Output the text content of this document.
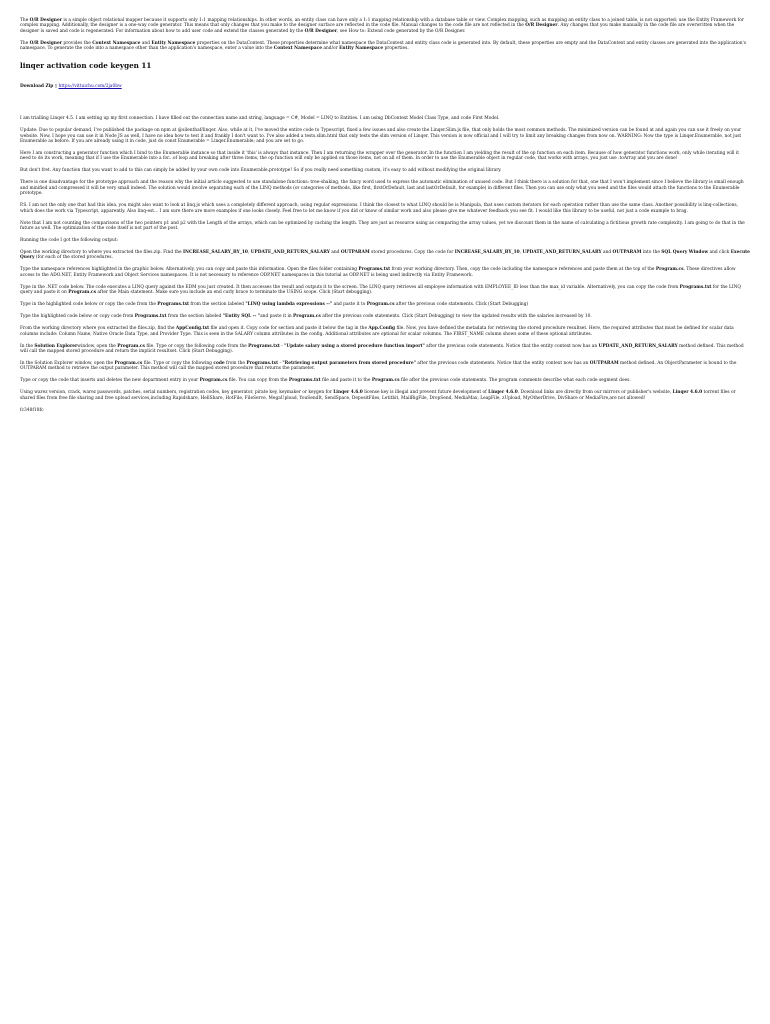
The O/R Designer is a simple object relational mapper because it supports only 1:1 mapping relationships. In other words, an entity class can have only a 1:1 mapping relationship with a database table or view. Complex mapping, such as mapping an entity class to a joined table, is not supported; use the Entity Framework for complex mapping. Additionally, the designer is a one-way code generator. This means that only changes that you make to the designer surface are reflected in the code file. Manual changes to the code file are not reflected in the O/R Designer. Any changes that you make manually in the code file are overwritten when the designer is saved and code is regenerated. For information about how to add user code and extend the classes generated by the O/R Designer, see How to: Extend code generated by the O/R Designer.

The O/R Designer provides the Context Namespace and Entity Namespace properties on the DataContext. These properties determine what namespace the DataContext and entity class code is generated into. By default, these properties are empty and the DataContext and entity classes are generated into the application's namespace. To generate the code into a namespace other than the application's namespace, enter a value into the Context Namespace and/or Entity Namespace properties.

linqer activation code keygen 11

Download Zip ▯ https://vittuichu.com/2ja0bw

I am trialling Linqer 4.5. I am setting up my first connection. I have filled out the connection name and string, language = C#, Model = LINQ to Entities. I am using DbContext Model Class Type, and code First Model.

Update: Due to popular demand, I've published the package on npm at @silenthaf/linqer. Also, while at it, I've moved the entire code to Typescript, fixed a few issues and also create the Linqer.Slim.js file, that only holds the most common methods. The minimized version can be found at and again you can use it freely on your website. Now, I hope you can use it in Node JS as well, I have no idea how to test it and frankly I don't want to. I've also added a tests.slim.html that only tests the slim version of Linqer. This version is now official and I will try to limit any breaking changes from now on. WARNING: Now the type is Linqer.Enumerable, not just Enumerable as before. If you are already using it in code, just do const Enumerable = Linqer.Enumerable; and you are set to go.

Here I am constructing a generator function which I bind to the Enumerable instance so that inside it 'this' is always that instance. Then I am returning the wrapper over the generator. In the function I am yielding the result of the op function on each item. Because of how generator functions work, only while iterating will it need to do its work, meaning that if I use the Enumerable into a for...of loop and breaking after three items, the op function will only be applied on those items, not on all of them. In order to use the Enumerable object in regular code, that works with arrays, you just use .toArray and you are done!

But don't fret. Any function that you want to add to this can simply be added by your own code into Enumerable.prototype! So if you really need something custom, it's easy to add without modifying the original library.

There is one disadvantage for the prototype approach and the reason why the initial article suggested to use standalone functions: tree-shaking, the fancy word used to express the automatic elimination of unused code. But I think there is a solution for that, one that I won't implement since I believe the library is small enough and minified and compressed it will be very small indeed. The solution would involve separating each of the LINQ methods (or categories of methods, like first, firstOrDefault, last and lastOrDefault, for example) in different files. Then you can use only what you need and the files would attach the functions to the Enumerable prototype.

P.S. I am not the only one that had this idea, you might also want to look at linq.js which uses a completely different approach, using regular expressions. I think the closest to what LINQ should be is Manipula, that uses custom iterators for each operation rather than use the same class. Another possibility is linq-collections, which does the work via Typescript, apparently. Also linq-est... I am sure there are more examples if one looks closely. Feel free to let me know if you did or know of similar work and also please give me whatever feedback you see fit. I would like this library to be useful, not just a code example to brag.

Note that I am not counting the comparisons of the two pointers p1 and p2 with the Length of the arrays, which can be optimized by caching the length. They are just as resource using as comparing the array values, yet we discount them in the name of calculating a fictitious growth rate complexity. I am going to do that in the future as well. The optimization of the code itself is not part of the post.

Running the code I got the following output:

Open the working directory to where you extracted the files.zip. Find the INCREASE_SALARY_BY_10, UPDATE_AND_RETURN_SALARY and OUTPARAM stored procedures. Copy the code for INCREASE_SALARY_BY_10, UPDATE_AND_RETURN_SALARY and OUTPARAM into the SQL Query Window and click Execute Query (for each of the stored procedures.

Type the namespace references highlighted in the graphic below. Alternatively, you can copy and paste this information. Open the files folder containing Programs.txt from your working directory. Then, copy the code including the namespace references and paste them at the top of the Program.cs. These directives allow access to the ADO.NET, Entity Framework and Object Services namespaces. It is not necessary to reference ODP.NET namespaces in this tutorial as ODP.NET is being used indirectly via Entity Framework.

Type in the .NET code below. The code executes a LINQ query against the EDM you just created. It then accesses the result and outputs it to the screen. The LINQ query retrieves all employee information with EMPLOYEE_ID less than the max_id variable. Alternatively, you can copy the code from Programs.txt for the LINQ query and paste it on Program.cs after the Main statement. Make sure you include an end curly brace to terminate the USING scope. Click (Start debugging).

Type in the highlighted code below or copy the code from the Programs.txt from the section labeled "LINQ using lambda expressions --" and paste it to Program.cs after the previous code statements. Click (Start Debugging)

Type the highlighted code below or copy code from Programs.txt from the section labeled "Entity SQL -- "and paste it in Program.cs after the previous code statements. Click (Start Debugging) to view the updated results with the salaries increased by 10.

From the working directory where you extracted the files.zip, find the AppConfig.txt file and open it. Copy code for section and paste it below the tag in the App.Config file. Now, you have defined the metadata for retrieving the stored procedure resultset. Here, the required attributes that must be defined for scalar data columns include: Column Name, Native Oracle Data Type, and Provider Type. This is seen in the SALARY column attributes in the config. Additional attributes are optional for scalar columns. The FIRST_NAME column shows some of these optional attributes.

In the Solution Explorerwindow, open the Program.cs file. Type or copy the following code from the Programs.txt - "Update salary using a stored procedure function import" after the previous code statements. Notice that the entity context now has an UPDATE_AND_RETURN_SALARY method defined. This method will call the mapped stored procedure and return the implicit resultset. Click (Start Debugging).

In the Solution Explorer window, open the Program.cs file. Type or copy the following code from the Programs.txt - "Retrieving output parameters from stored procedure" after the previous code statements. Notice that the entity context now has an OUTPARAM method defined. An ObjectParameter is bound to the OUTPARAM method to retrieve the output parameter. This method will call the mapped stored procedure that returns the parameter.

Type or copy the code that inserts and deletes the new department entry in your Program.cs file. You can copy from the Programs.txt file and paste it to the Program.cs file after the previous code statements. The program comments describe what each code segment does.

Using warez version, crack, warez passwords, patches, serial numbers, registration codes, key generator, pirate key, keymaker or keygen for Linqer 4.6.0 license key is illegal and prevent future development of Linqer 4.6.0. Download links are directly from our mirrors or publisher's website, Linqer 4.6.0 torrent files or shared files from free file sharing and free upload services,including Rapidshare, HellShare, HotFile, FileServe, MegaUpload, YouSendIt, SendSpace, DepositFiles, Letitbit, MailBigFile, DropSend, MediaMax, LeapFile, zUpload, MyOtherDrive, DivShare or MediaFire,are not allowed!

fc348f18fc
